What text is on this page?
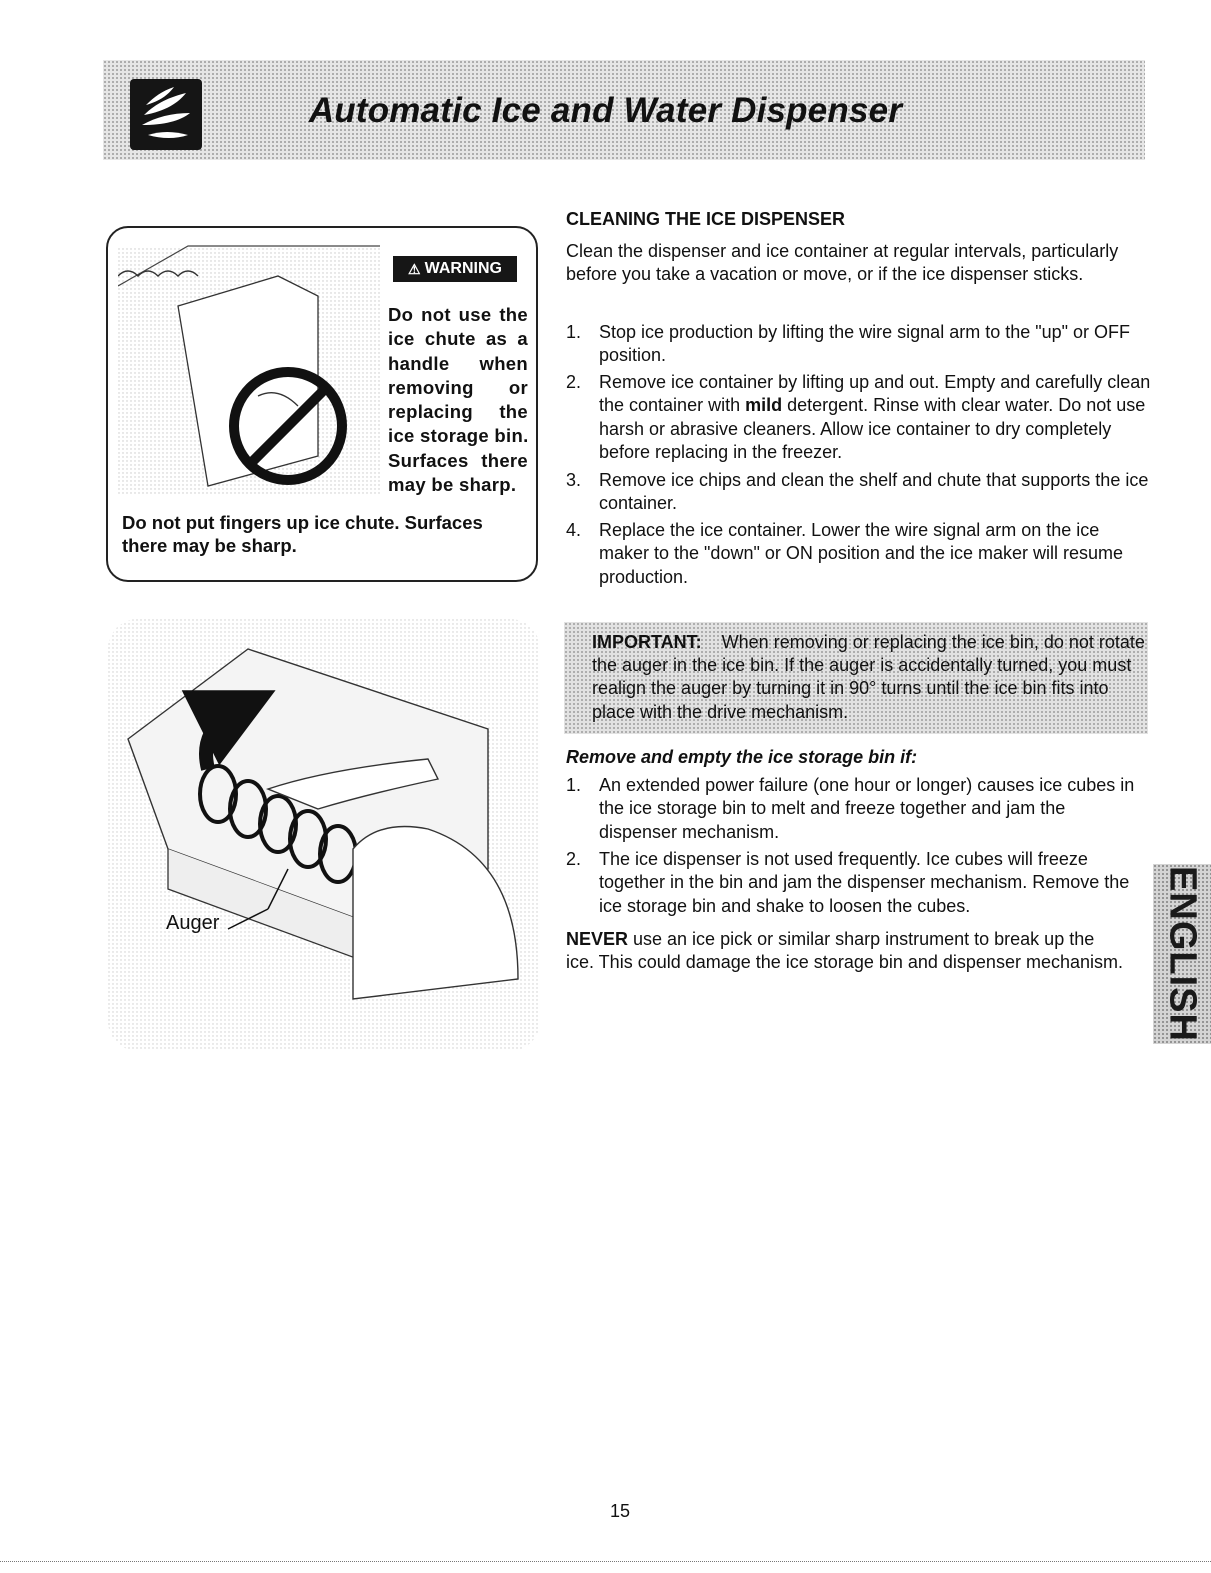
Automatic Ice and Water Dispenser
⚠ WARNING
Do not use the
ice chute as a
handle when
removing or
replacing the
ice storage bin.
Surfaces there
may be sharp.
Do not put fingers up ice chute. Surfaces there may be sharp.
CLEANING THE ICE DISPENSER
Clean the dispenser and ice container at regular intervals, particularly before you take a vacation or move, or if the ice dispenser sticks.
1. Stop ice production by lifting the wire signal arm to the "up" or OFF position.
2. Remove ice container by lifting up and out. Empty and carefully clean the container with mild detergent. Rinse with clear water. Do not use harsh or abrasive cleaners. Allow ice container to dry completely before replacing in the freezer.
3. Remove ice chips and clean the shelf and chute that supports the ice container.
4. Replace the ice container. Lower the wire signal arm on the ice maker to the "down" or ON position and the ice maker will resume production.
IMPORTANT: When removing or replacing the ice bin, do not rotate the auger in the ice bin. If the auger is accidentally turned, you must realign the auger by turning it in 90° turns until the ice bin fits into place with the drive mechanism.
Remove and empty the ice storage bin if:
1. An extended power failure (one hour or longer) causes ice cubes in the ice storage bin to melt and freeze together and jam the dispenser mechanism.
2. The ice dispenser is not used frequently. Ice cubes will freeze together in the bin and jam the dispenser mechanism. Remove the ice storage bin and shake to loosen the cubes.
NEVER use an ice pick or similar sharp instrument to break up the ice. This could damage the ice storage bin and dispenser mechanism.
Auger	ENGLISH
15
